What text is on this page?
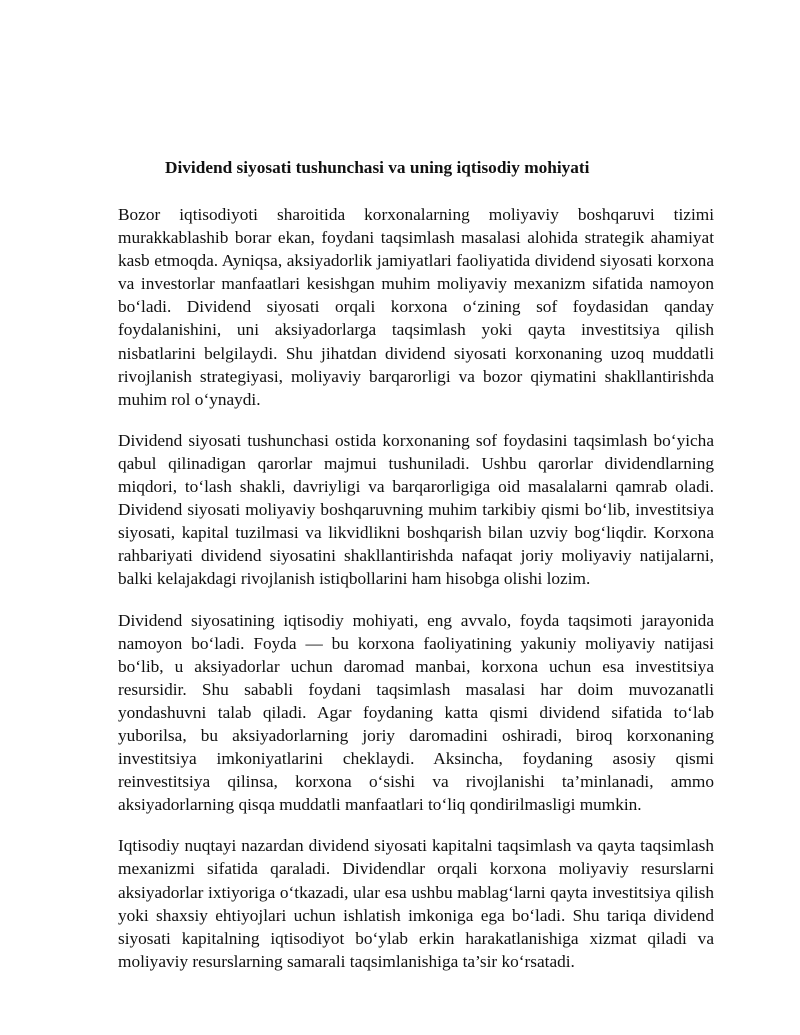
Dividend siyosati tushunchasi va uning iqtisodiy mohiyati

Bozor iqtisodiyoti sharoitida korxonalarning moliyaviy boshqaruvi tizimi murakkablashib borar ekan, foydani taqsimlash masalasi alohida strategik ahamiyat kasb etmoqda. Ayniqsa, aksiyadorlik jamiyatlari faoliyatida dividend siyosati korxona va investorlar manfaatlari kesishgan muhim moliyaviy mexanizm sifatida namoyon bo‘ladi. Dividend siyosati orqali korxona o‘zining sof foydasidan qanday foydalanishini, uni aksiyadorlarga taqsimlash yoki qayta investitsiya qilish nisbatlarini belgilaydi. Shu jihatdan dividend siyosati korxonaning uzoq muddatli rivojlanish strategiyasi, moliyaviy barqarorligi va bozor qiymatini shakllantirishda muhim rol o‘ynaydi.

Dividend siyosati tushunchasi ostida korxonaning sof foydasini taqsimlash bo‘yicha qabul qilinadigan qarorlar majmui tushuniladi. Ushbu qarorlar dividendlarning miqdori, to‘lash shakli, davriyligi va barqarorligiga oid masalalarni qamrab oladi. Dividend siyosati moliyaviy boshqaruvning muhim tarkibiy qismi bo‘lib, investitsiya siyosati, kapital tuzilmasi va likvidlikni boshqarish bilan uzviy bog‘liqdir. Korxona rahbariyati dividend siyosatini shakllantirishda nafaqat joriy moliyaviy natijalarni, balki kelajakdagi rivojlanish istiqbollarini ham hisobga olishi lozim.

Dividend siyosatining iqtisodiy mohiyati, eng avvalo, foyda taqsimoti jarayonida namoyon bo‘ladi. Foyda — bu korxona faoliyatining yakuniy moliyaviy natijasi bo‘lib, u aksiyadorlar uchun daromad manbai, korxona uchun esa investitsiya resursidir. Shu sababli foydani taqsimlash masalasi har doim muvozanatli yondashuvni talab qiladi. Agar foydaning katta qismi dividend sifatida to‘lab yuborilsa, bu aksiyadorlarning joriy daromadini oshiradi, biroq korxonaning investitsiya imkoniyatlarini cheklaydi. Aksincha, foydaning asosiy qismi reinvestitsiya qilinsa, korxona o‘sishi va rivojlanishi ta’minlanadi, ammo aksiyadorlarning qisqa muddatli manfaatlari to‘liq qondirilmasligi mumkin.

Iqtisodiy nuqtayi nazardan dividend siyosati kapitalni taqsimlash va qayta taqsimlash mexanizmi sifatida qaraladi. Dividendlar orqali korxona moliyaviy resurslarni aksiyadorlar ixtiyoriga o‘tkazadi, ular esa ushbu mablag‘larni qayta investitsiya qilish yoki shaxsiy ehtiyojlari uchun ishlatish imkoniga ega bo‘ladi. Shu tariqa dividend siyosati kapitalning iqtisodiyot bo‘ylab erkin harakatlanishiga xizmat qiladi va moliyaviy resurslarning samarali taqsimlanishiga ta’sir ko‘rsatadi.
